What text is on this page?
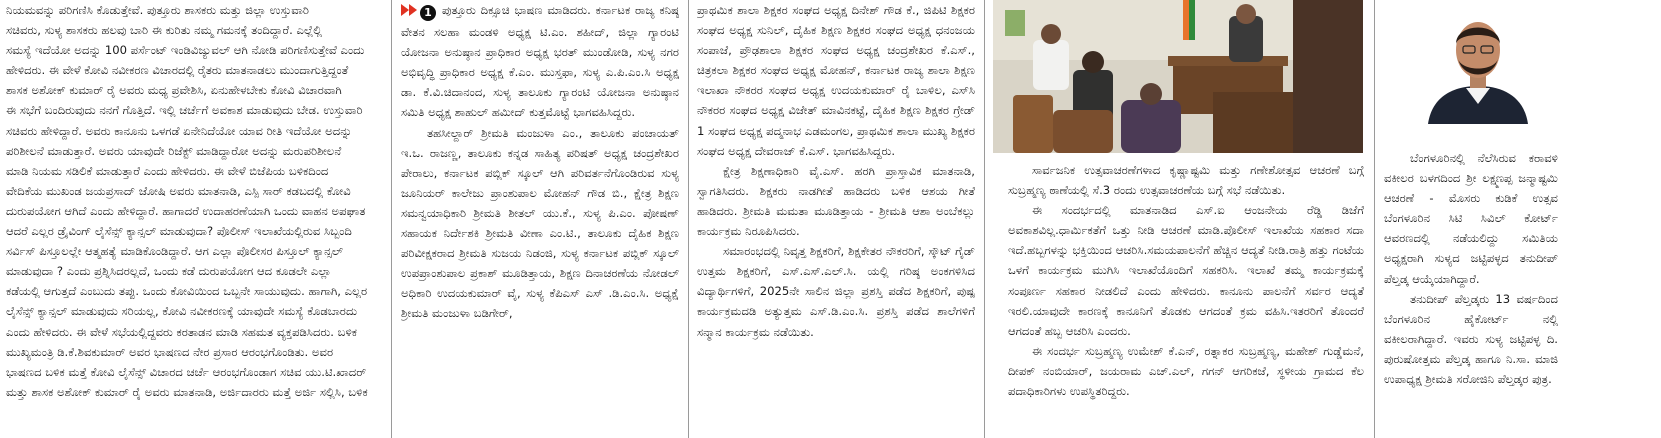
ನಿಯಮವನ್ನು ಪರಿಗಣಿಸಿ ಕೊಡುತ್ತೇವೆ. ಪುತ್ತೂರು ಶಾಸಕರು ಮತ್ತು ಜಿಲ್ಲಾ ಉಸ್ತುವಾರಿ

ಸಚಿವರು, ಸುಳ್ಯ ಶಾಸಕರು ಹಲವು ಬಾರಿ ಈ ಕುರಿತು ನಮ್ಮ ಗಮನಕ್ಕೆ ತಂದಿದ್ದಾರೆ. ಎಲ್ಲೆಲ್ಲಿ

ಸಮಸ್ಯೆ ಇದೆಯೋ ಅದನ್ನು 100 ಪರ್ಸೆಂಟ್ ಇಂಡಿವಿಜ್ಯುವಲ್ ಆಗಿ ನೋಡಿ ಪರಿಗಣಿಸುತ್ತೇವೆ ಎಂದು

ಹೇಳಿದರು. ಈ ವೇಳೆ ಕೋವಿ ನವೀಕರಣ ವಿಚಾರದಲ್ಲಿ ರೈತರು ಮಾತನಾಡಲು ಮುಂದಾಗುತ್ತಿದ್ದಂತೆ

ಶಾಸಕ ಅಶೋಕ್ ಕುಮಾರ್ ರೈ ಅವರು ಮಧ್ಯ ಪ್ರವೇಶಿಸಿ, ಏನುಹೇಳಬೇಕು ಕೋವಿ ವಿಚಾರವಾಗಿ

ಈ ಸಭೆಗೆ ಬಂದಿರುವುದು ನನಗೆ ಗೊತ್ತಿದೆ. ಇಲ್ಲಿ ಚರ್ಚೆಗೆ ಅವಕಾಶ ಮಾಡುವುದು ಬೇಡ. ಉಸ್ತುವಾರಿ

ಸಚಿವರು ಹೇಳಿದ್ದಾರೆ. ಅವರು ಕಾನೂನು ಒಳಗಡೆ ಏನೇನಿದೆಯೋ ಯಾವ ರೀತಿ ಇದೆಯೋ ಅದನ್ನು

ಪರಿಶೀಲನೆ ಮಾಡುತ್ತಾರೆ. ಅವರು ಯಾವುದೇ ರಿಜೆಕ್ಟ್ ಮಾಡಿದ್ದಾರೋ ಅದನ್ನು ಮರುಪರಿಶೀಲನೆ

ಮಾಡಿ ನಿಯಮ ಸಡಿಲಿಕೆ ಮಾಡುತ್ತಾರೆ ಎಂದು ಹೇಳಿದರು. ಈ ವೇಳೆ ಬಿಜೆಪಿಯ ಬಳಿಕದಿಂದ

ವೇದಿಕೆಯ ಮುಖಂಡ ಜಯಪ್ರಸಾದ್ ಜೋಷಿ ಅವರು ಮಾತನಾಡಿ, ಎಸ್ಪಿ ಸಾರ್ ಕಡಬದಲ್ಲಿ ಕೋವಿ

ದುರುಪಯೋಗ ಆಗಿದೆ ಎಂದು ಹೇಳಿದ್ದಾರೆ. ಹಾಗಾದರೆ ಉದಾಹರಣೆಯಾಗಿ ಒಂದು ವಾಹನ ಅಪಘಾತ

ಆದರೆ ಎಲ್ಲರ ಡ್ರೈವಿಂಗ್ ಲೈಸೆನ್ಸ್ ಕ್ಯಾನ್ಸಲ್ ಮಾಡುವುದಾ? ಪೊಲೀಸ್ ಇಲಾಖೆಯಲ್ಲಿರುವ ಸಿಬ್ಬಂದಿ

ಸರ್ವಿಸ್ ಪಿಸ್ತೂಲಲ್ಲೇ ಆತ್ಮಹತ್ಯೆ ಮಾಡಿಕೊಂಡಿದ್ದಾರೆ. ಆಗ ಎಲ್ಲಾ ಪೊಲೀಸರ ಪಿಸ್ತೂಲ್ ಕ್ಯಾನ್ಸಲ್

ಮಾಡುವುದಾ ? ಎಂದು ಪ್ರಶ್ನಿಸಿದರಲ್ಲದೆ, ಒಂದು ಕಡೆ ದುರುಪಯೋಗ ಆದ ಕೂಡಲೇ ಎಲ್ಲಾ

ಕಡೆಯಲ್ಲಿ ಆಗುತ್ತದೆ ಎಂಬುದು ತಪ್ಪು. ಒಂದು ಕೋವಿಯಿಂದ ಒಬ್ಬನೇ ಸಾಯುವುದು. ಹಾಗಾಗಿ, ಎಲ್ಲರ

ಲೈಸೆನ್ಸ್ ಕ್ಯಾನ್ಸಲ್ ಮಾಡುವುದು ಸರಿಯಲ್ಲ, ಕೋವಿ ನವೀಕರಣಕ್ಕೆ ಯಾವುದೇ ಸಮಸ್ಯೆ ಕೊಡಬಾರದು

ಎಂದು ಹೇಳಿದರು. ಈ ವೇಳೆ ಸಭೆಯಲ್ಲಿದ್ದವರು ಕರತಾಡನ ಮಾಡಿ ಸಹಮತ ವ್ಯಕ್ತಪಡಿಸಿದರು. ಬಳಿಕ

ಮುಖ್ಯಮಂತ್ರಿ ಡಿ.ಕೆ.ಶಿವಕುಮಾರ್ ಅವರ ಭಾಷಣದ ನೇರ ಪ್ರಸಾರ ಆರಂಭಗೊಂಡಿತು. ಅವರ

ಭಾಷಣದ ಬಳಿಕ ಮತ್ತೆ ಕೋವಿ ಲೈಸೆನ್ಸ್ ವಿಚಾರದ ಚರ್ಚೆ ಆರಂಭಗೊಂಡಾಗ ಸಚಿವ ಯು.ಟಿ.ಖಾದರ್

ಮತ್ತು ಶಾಸಕ ಅಶೋಕ್ ಕುಮಾರ್ ರೈ ಅವರು ಮಾತನಾಡಿ, ಅರ್ಜಿದಾರರು ಮತ್ತೆ ಅರ್ಜಿ ಸಲ್ಲಿಸಿ, ಬಳಿಕ

1 ಪುತ್ತೂರು ದಿಕ್ಸೂಚಿ ಭಾಷಣ ಮಾಡಿದರು. ಕರ್ನಾಟಕ ರಾಜ್ಯ ಕನಿಷ್ಠ ವೇತನ ಸಲಹಾ ಮಂಡಳಿ ಅಧ್ಯಕ್ಷ ಟಿ.ಎಂ. ಶಹೀದ್, ಜಿಲ್ಲಾ ಗ್ಯಾರಂಟಿ ಯೋಜನಾ ಅನುಷ್ಠಾನ ಪ್ರಾಧಿಕಾರ ಅಧ್ಯಕ್ಷ ಭರತ್ ಮುಂಡೋಡಿ, ಸುಳ್ಯ ನಗರ ಅಭಿವೃದ್ಧಿ ಪ್ರಾಧಿಕಾರ ಅಧ್ಯಕ್ಷ ಕೆ.ಎಂ. ಮುಸ್ತಫಾ, ಸುಳ್ಯ ಎ.ಪಿ.ಎಂ.ಸಿ ಅಧ್ಯಕ್ಷ ಡಾ. ಕೆ.ವಿ.ಚಿದಾನಂದ, ಸುಳ್ಯ ತಾಲೂಕು ಗ್ಯಾರಂಟಿ ಯೋಜನಾ ಅನುಷ್ಠಾನ ಸಮಿತಿ ಅಧ್ಯಕ್ಷ ಶಾಹುಲ್ ಹಮೀದ್ ಕುತ್ತಮೊಟ್ಟೆ ಭಾಗವಹಿಸಿದ್ದರು.

ತಹಸೀಲ್ದಾರ್ ಶ್ರೀಮತಿ ಮಂಜುಳಾ ಎಂ., ತಾಲೂಕು ಪಂಚಾಯತ್ ಇ.ಒ. ರಾಜಣ್ಣ, ತಾಲೂಕು ಕನ್ನಡ ಸಾಹಿತ್ಯ ಪರಿಷತ್ ಅಧ್ಯಕ್ಷ ಚಂದ್ರಶೇಖರ ಪೇರಾಲು, ಕರ್ನಾಟಕ ಪಬ್ಲಿಕ್ ಸ್ಕೂಲ್ ಆಗಿ ಪರಿವರ್ತನೆಗೊಂಡಿರುವ ಸುಳ್ಯ ಜೂನಿಯರ್ ಕಾಲೇಜು ಪ್ರಾಂಶುಪಾಲ ಮೋಹನ್ ಗೌಡ ಬಿ., ಕ್ಷೇತ್ರ ಶಿಕ್ಷಣ ಸಮನ್ವಯಾಧಿಕಾರಿ ಶ್ರೀಮತಿ ಶೀತಲ್ ಯು.ಕೆ., ಸುಳ್ಯ ಪಿ.ಎಂ. ಪೋಷಣ್ ಸಹಾಯಕ ನಿರ್ದೇಶಕಿ ಶ್ರೀಮತಿ ವೀಣಾ ಎಂ.ಟಿ., ತಾಲೂಕು ದೈಹಿಕ ಶಿಕ್ಷಣ ಪರಿವೀಕ್ಷಕರಾದ ಶ್ರೀಮತಿ ಸುಜಯ ನಿಡಂಜಿ, ಸುಳ್ಯ ಕರ್ನಾಟಕ ಪಬ್ಲಿಕ್ ಸ್ಕೂಲ್ ಉಪಪ್ರಾಂಶುಪಾಲ ಪ್ರಕಾಶ್ ಮೂಡಿತ್ತಾಯ, ಶಿಕ್ಷಣ ದಿನಾಚರಣೆಯ ನೋಡಲ್ ಅಧಿಕಾರಿ ಉದಯಕುಮಾರ್ ವೈ, ಸುಳ್ಯ ಕೆಪಿಎಸ್ ಎಸ್ .ಡಿ.ಎಂ.ಸಿ. ಅಧ್ಯಕ್ಷೆ ಶ್ರೀಮತಿ ಮಂಜುಳಾ ಬಡಿಗೇರ್,

ಪ್ರಾಥಮಿಕ ಶಾಲಾ ಶಿಕ್ಷಕರ ಸಂಘದ ಅಧ್ಯಕ್ಷ ದಿನೇಶ್ ಗೌಡ ಕೆ., ಜಿಪಿಟಿ ಶಿಕ್ಷಕರ ಸಂಘದ ಅಧ್ಯಕ್ಷ ಸುನಿಲ್, ದೈಹಿಕ ಶಿಕ್ಷಣ ಶಿಕ್ಷಕರ ಸಂಘದ ಅಧ್ಯಕ್ಷ ಧನಂಜಯ ಸಂಪಾಜೆ, ಪ್ರೌಢಶಾಲಾ ಶಿಕ್ಷಕರ ಸಂಘದ ಅಧ್ಯಕ್ಷ ಚಂದ್ರಶೇಖರ ಕೆ.ಎಸ್., ಚಿತ್ರಕಲಾ ಶಿಕ್ಷಕರ ಸಂಘದ ಅಧ್ಯಕ್ಷ ಮೋಹನ್, ಕರ್ನಾಟಕ ರಾಜ್ಯ ಶಾಲಾ ಶಿಕ್ಷಣ ಇಲಾಖಾ ನೌಕರರ ಸಂಘದ ಅಧ್ಯಕ್ಷ ಉದಯಕುಮಾರ್ ರೈ ಬಾಳಿಲ, ಎಸ್‌ಸಿ ನೌಕರರ ಸಂಘದ ಅಧ್ಯಕ್ಷ ವಿಜೇತ್ ಮಾವಿನಕಟ್ಟೆ, ದೈಹಿಕ ಶಿಕ್ಷಣ ಶಿಕ್ಷಕರ ಗ್ರೇಡ್ 1 ಸಂಘದ ಅಧ್ಯಕ್ಷ ಪದ್ಮನಾಭ ಎಡಮಂಗಲ, ಪ್ರಾಥಮಿಕ ಶಾಲಾ ಮುಖ್ಯ ಶಿಕ್ಷಕರ ಸಂಘದ ಅಧ್ಯಕ್ಷ ದೇವರಾಜ್ ಕೆ.ಎಸ್. ಭಾಗವಹಿಸಿದ್ದರು.

ಕ್ಷೇತ್ರ ಶಿಕ್ಷಣಾಧಿಕಾರಿ ವೈ.ಎಸ್. ಹರಗಿ ಪ್ರಾಸ್ತಾವಿಕ ಮಾತನಾಡಿ, ಸ್ವಾಗತಿಸಿದರು. ಶಿಕ್ಷಕರು ನಾಡಗೀತೆ ಹಾಡಿದರು ಬಳಿಕ ಆಶಯ ಗೀತೆ ಹಾಡಿದರು. ಶ್ರೀಮತಿ ಮಮತಾ ಮೂಡಿತ್ತಾಯ - ಶ್ರೀಮತಿ ಆಶಾ ಅಂಬೆಕಲ್ಲು ಕಾರ್ಯಕ್ರಮ ನಿರೂಪಿಸಿದರು.

ಸಮಾರಂಭದಲ್ಲಿ ನಿವೃತ್ತ ಶಿಕ್ಷಕರಿಗೆ, ಶಿಕ್ಷಕೇತರ ನೌಕರರಿಗೆ, ಸ್ಕೌಟ್ ಗೈಡ್ ಉತ್ತಮ ಶಿಕ್ಷಕರಿಗೆ, ಎಸ್.ಎಸ್.ಎಲ್.ಸಿ. ಯಲ್ಲಿ ಗರಿಷ್ಠ ಅಂಕಗಳಿಸಿದ ವಿದ್ಯಾರ್ಥಿಗಳಿಗೆ, 2025ನೇ ಸಾಲಿನ ಜಿಲ್ಲಾ ಪ್ರಶಸ್ತಿ ಪಡೆದ ಶಿಕ್ಷಕರಿಗೆ, ಪುಷ್ಪ ಕಾರ್ಯಕ್ರಮದಡಿ ಅತ್ಯುತ್ತಮ ಎಸ್.ಡಿ.ಎಂ.ಸಿ. ಪ್ರಶಸ್ತಿ ಪಡೆದ ಶಾಲೆಗಳಿಗೆ ಸನ್ಮಾನ ಕಾರ್ಯಕ್ರಮ ನಡೆಯಿತು.

ಸಾರ್ವಜನಿಕ ಉತ್ಸವಾಚರಣೆಗಳಾದ ಕೃಷ್ಣಾಷ್ಟಮಿ ಮತ್ತು ಗಣೇಶೋತ್ಸವ ಆಚರಣೆ ಬಗ್ಗೆ ಸುಬ್ರಹ್ಮಣ್ಯ ಠಾಣೆಯಲ್ಲಿ ಸೆ.3 ರಂದು ಉತ್ಸವಾಚರಣೆಯ ಬಗ್ಗೆ ಸಭೆ ನಡೆಯಿತು.

ಈ ಸಂದರ್ಭದಲ್ಲಿ ಮಾತನಾಡಿದ ಎಸ್.ಐ ಆಂಜನೇಯ ರೆಡ್ಡಿ ಡಿಜೆಗೆ ಅವಕಾಶವಿಲ್ಲ.ಧಾರ್ಮಿಕತೆಗೆ ಒತ್ತು ನೀಡಿ ಆಚರಣೆ ಮಾಡಿ.ಪೊಲೀಸ್ ಇಲಾಖೆಯ ಸಹಕಾರ ಸದಾ ಇದೆ.ಹಬ್ಬಗಳನ್ನು ಭಕ್ತಿಯಿಂದ ಆಚರಿಸಿ.ಸಮಯಪಾಲನೆಗೆ ಹೆಚ್ಚಿನ ಆದ್ಯತೆ ನೀಡಿ.ರಾತ್ರಿ ಹತ್ತು ಗಂಟೆಯ ಒಳಗೆ ಕಾರ್ಯಕ್ರಮ ಮುಗಿಸಿ ಇಲಾಖೆಯೊಂದಿಗೆ ಸಹಕರಿಸಿ. ಇಲಾಖೆ ತಮ್ಮ ಕಾರ್ಯಕ್ರಮಕ್ಕೆ ಸಂಪೂರ್ಣ ಸಹಕಾರ ನೀಡಲಿದೆ ಎಂದು ಹೇಳಿದರು. ಕಾನೂನು ಪಾಲನೆಗೆ ಸರ್ವರ ಆದ್ಯತೆ ಇರಲಿ.ಯಾವುದೇ ಕಾರಣಕ್ಕೆ ಕಾನೂನಿಗೆ ತೊಡಕು ಆಗದಂತೆ ಕ್ರಮ ವಹಿಸಿ.ಇತರರಿಗೆ ತೊಂದರೆ ಆಗದಂತೆ ಹಬ್ಬ ಆಚರಿಸಿ ಎಂದರು.

ಈ ಸಂದರ್ಭ ಸುಬ್ರಹ್ಮಣ್ಯ ಉಮೇಶ್ ಕೆ.ಎನ್, ರತ್ನಾಕರ ಸುಬ್ರಹ್ಮಣ್ಯ, ಮಹೇಶ್ ಗುಡ್ಡೆಮನೆ, ದೀಪಕ್ ನಂಬಿಯಾರ್, ಜಯರಾಮ ಎಚ್.ಎಲ್, ಗಗನ್ ಆಗರಿಕಜೆ, ಸ್ಥಳೀಯ ಗ್ರಾಮದ ಕೆಲ ಪದಾಧಿಕಾರಿಗಳು ಉಪಸ್ಥಿತರಿದ್ದರು.

ಬೆಂಗಳೂರಿನಲ್ಲಿ ನೆಲೆಸಿರುವ ಕರಾವಳಿ ವಕೀಲರ ಬಳಗದಿಂದ ಶ್ರೀ ಲಕ್ಷ್ಮಣಪ್ಪ ಜನ್ಮಾಷ್ಟಮಿ ಆಚರಣೆ - ಮೊಸರು ಕುಡಿಕೆ ಉತ್ಸವ ಬೆಂಗಳೂರಿನ ಸಿಟಿ ಸಿವಿಲ್ ಕೋರ್ಟ್ ಆವರಣದಲ್ಲಿ ನಡೆಯಲಿದ್ದು ಸಮಿತಿಯ ಅಧ್ಯಕ್ಷರಾಗಿ ಸುಳ್ಯದ ಜಟ್ಟಿಪಳ್ಳದ ತನುದೀಪ್ ಪೆಲ್ತಡ್ಕ ಆಯ್ಕೆಯಾಗಿದ್ದಾರೆ.

ತನುದೀಪ್ ಪೆಲ್ತಡ್ಕರು 13 ವರ್ಷದಿಂದ ಬೆಂಗಳೂರಿನ ಹೈಕೋರ್ಟ್ ನಲ್ಲಿ ವಕೀಲರಾಗಿದ್ದಾರೆ. ಇವರು ಸುಳ್ಯ ಜಟ್ಟಿಪಳ್ಳ ದಿ. ಪುರುಷೋತ್ತಮ ಪೆಲ್ತಡ್ಕ ಹಾಗೂ ನಿ.ಸಾ. ಮಾಜಿ ಉಪಾಧ್ಯಕ್ಷ ಶ್ರೀಮತಿ ಸರೋಜಿನಿ ಪೆಲ್ತಡ್ಕರ ಪುತ್ರ.
